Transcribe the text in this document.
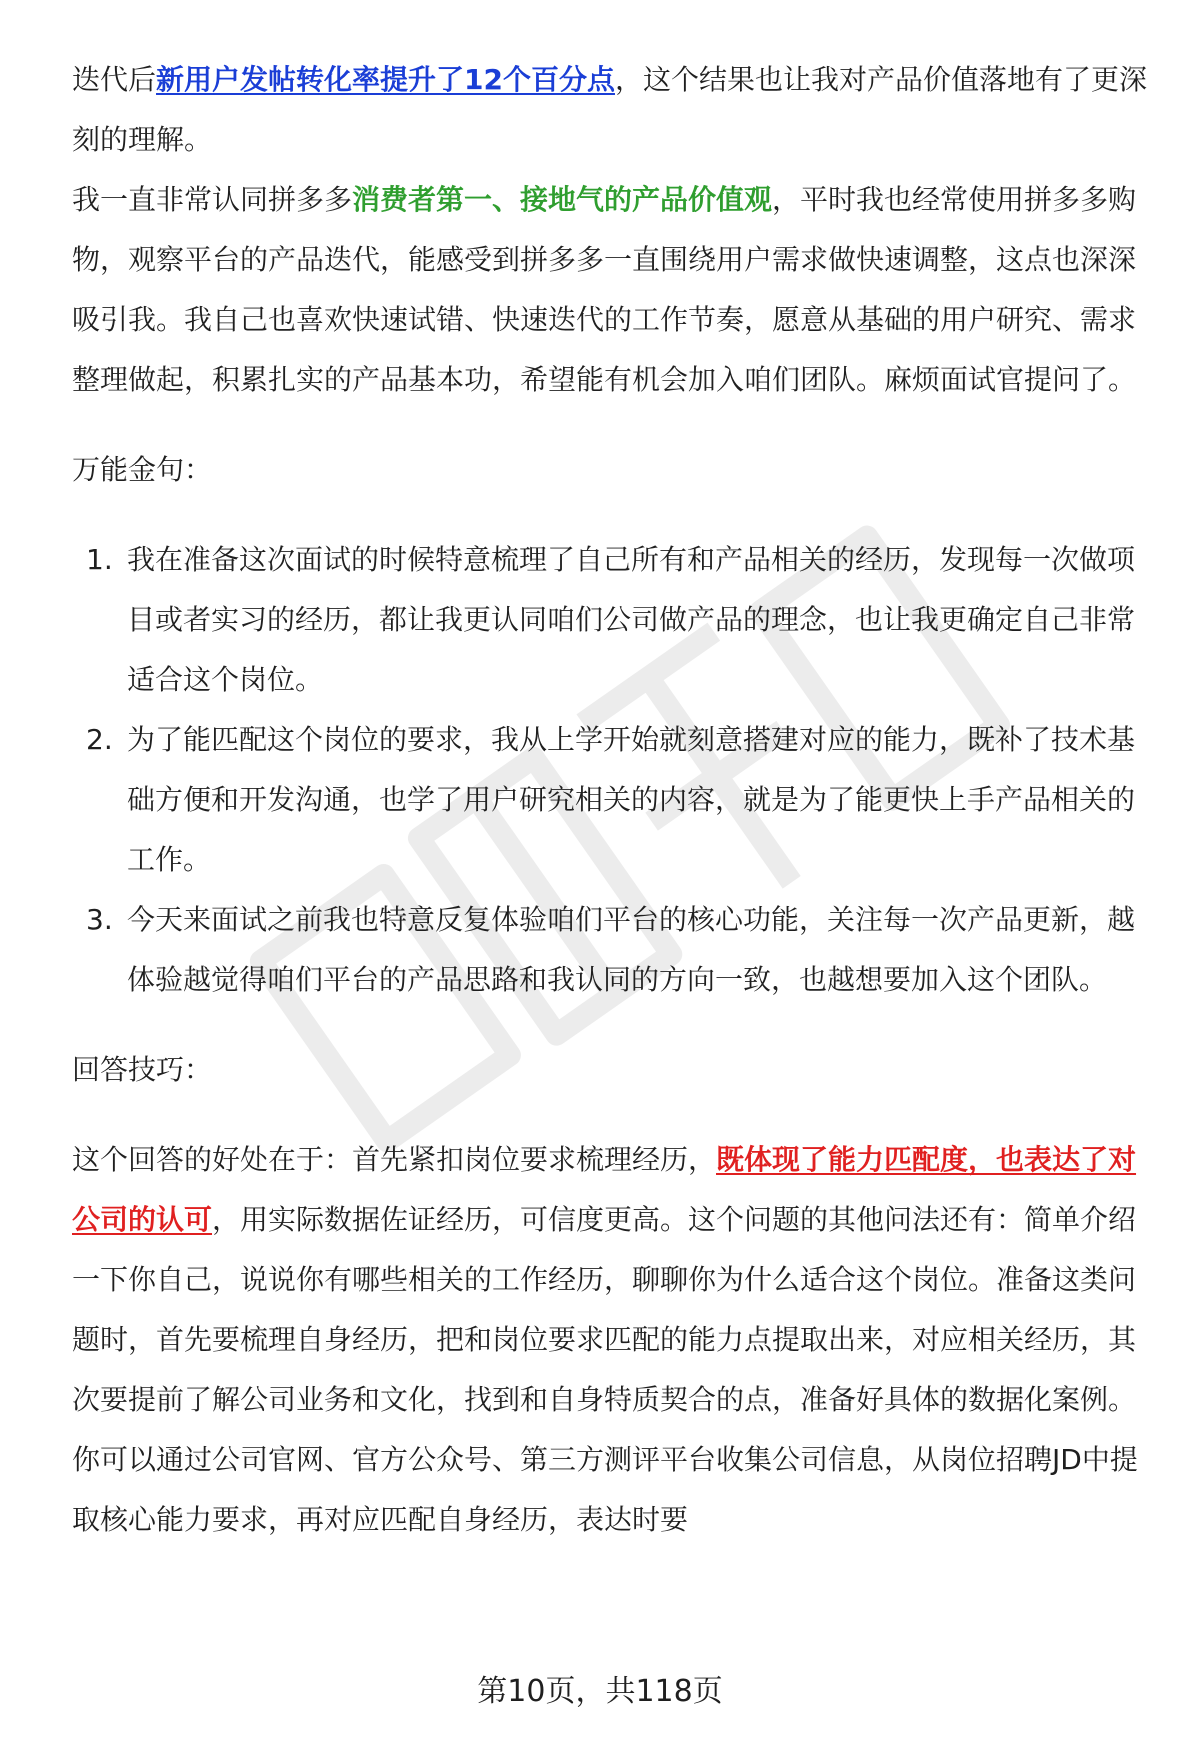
迭代后新用户发帖转化率提升了12个百分点，这个结果也让我对产品价值落地有了更深刻的理解。

我一直非常认同拼多多消费者第一、接地气的产品价值观，平时我也经常使用拼多多购物，观察平台的产品迭代，能感受到拼多多一直围绕用户需求做快速调整，这点也深深吸引我。我自己也喜欢快速试错、快速迭代的工作节奏，愿意从基础的用户研究、需求整理做起，积累扎实的产品基本功，希望能有机会加入咱们团队。麻烦面试官提问了。

万能金句：

1. 我在准备这次面试的时候特意梳理了自己所有和产品相关的经历，发现每一次做项目或者实习的经历，都让我更认同咱们公司做产品的理念，也让我更确定自己非常适合这个岗位。
2. 为了能匹配这个岗位的要求，我从上学开始就刻意搭建对应的能力，既补了技术基础方便和开发沟通，也学了用户研究相关的内容，就是为了能更快上手产品相关的工作。
3. 今天来面试之前我也特意反复体验咱们平台的核心功能，关注每一次产品更新，越体验越觉得咱们平台的产品思路和我认同的方向一致，也越想要加入这个团队。

回答技巧：

这个回答的好处在于：首先紧扣岗位要求梳理经历，既体现了能力匹配度，也表达了对公司的认可，用实际数据佐证经历，可信度更高。这个问题的其他问法还有：简单介绍一下你自己，说说你有哪些相关的工作经历，聊聊你为什么适合这个岗位。准备这类问题时，首先要梳理自身经历，把和岗位要求匹配的能力点提取出来，对应相关经历，其次要提前了解公司业务和文化，找到和自身特质契合的点，准备好具体的数据化案例。你可以通过公司官网、官方公众号、第三方测评平台收集公司信息，从岗位招聘JD中提取核心能力要求，再对应匹配自身经历，表达时要

第10页，共118页
